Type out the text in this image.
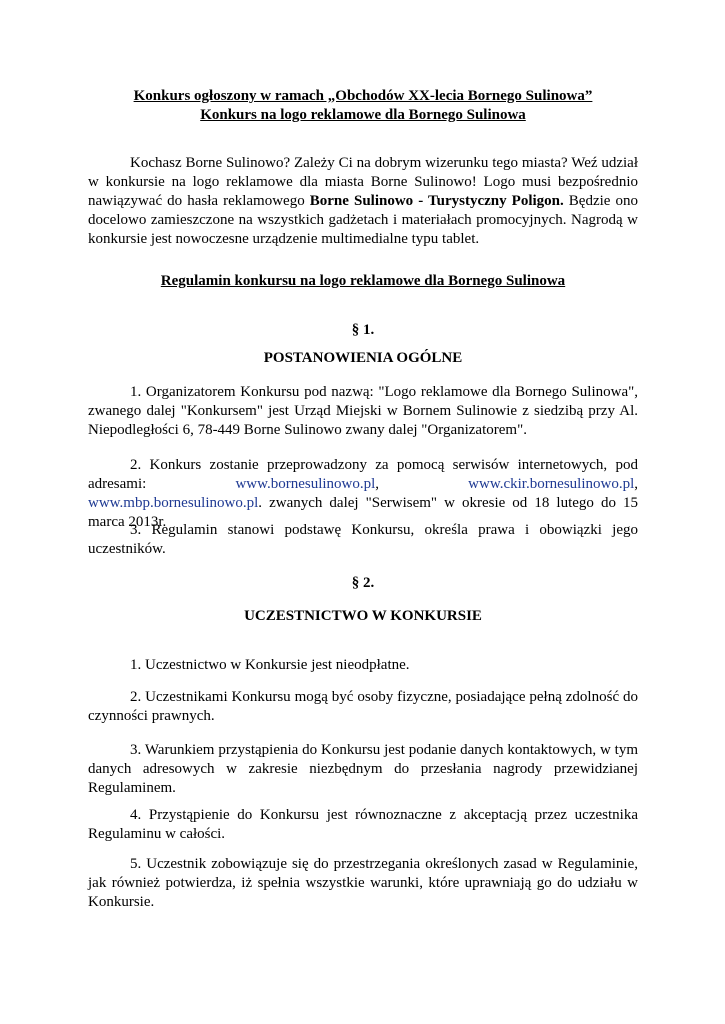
Konkurs ogłoszony w ramach „Obchodów XX-lecia Bornego Sulinowa”
Konkurs na logo reklamowe dla Bornego Sulinowa
Kochasz Borne Sulinowo? Zależy Ci na dobrym wizerunku tego miasta? Weź udział w konkursie na logo reklamowe dla miasta Borne Sulinowo! Logo musi bezpośrednio nawiązywać do hasła reklamowego Borne Sulinowo - Turystyczny Poligon. Będzie ono docelowo zamieszczone na wszystkich gadżetach i materiałach promocyjnych. Nagrodą w konkursie jest nowoczesne urządzenie multimedialne typu tablet.
Regulamin konkursu na logo reklamowe dla Bornego Sulinowa
§ 1.
POSTANOWIENIA OGÓLNE
1. Organizatorem Konkursu pod nazwą: "Logo reklamowe dla Bornego Sulinowa", zwanego dalej "Konkursem" jest Urząd Miejski w Bornem Sulinowie z siedzibą przy Al. Niepodległości 6, 78-449 Borne Sulinowo zwany dalej "Organizatorem".
2. Konkurs zostanie przeprowadzony za pomocą serwisów internetowych, pod adresami: www.bornesulinowo.pl, www.ckir.bornesulinowo.pl, www.mbp.bornesulinowo.pl. zwanych dalej "Serwisem" w okresie od 18 lutego do 15 marca 2013r.
3. Regulamin stanowi podstawę Konkursu, określa prawa i obowiązki jego uczestników.
§ 2.
UCZESTNICTWO W KONKURSIE
1. Uczestnictwo w Konkursie jest nieodpłatne.
2. Uczestnikami Konkursu mogą być osoby fizyczne, posiadające pełną zdolność do czynności prawnych.
3. Warunkiem przystąpienia do Konkursu jest podanie danych kontaktowych, w tym danych adresowych w zakresie niezbędnym do przesłania nagrody przewidzianej Regulaminem.
4. Przystąpienie do Konkursu jest równoznaczne z akceptacją przez uczestnika Regulaminu w całości.
5. Uczestnik zobowiązuje się do przestrzegania określonych zasad w Regulaminie, jak również potwierdza, iż spełnia wszystkie warunki, które uprawniają go do udziału w Konkursie.
